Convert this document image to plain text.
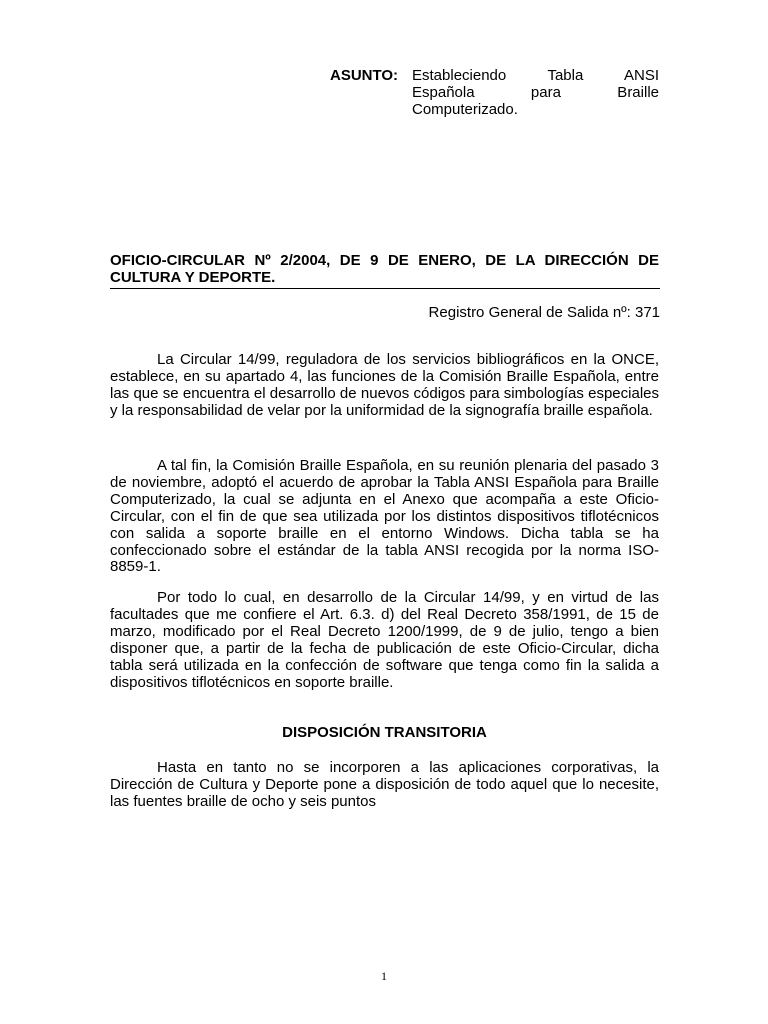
ASUNTO: Estableciendo Tabla ANSI
Española para Braille
Computerizado.
OFICIO-CIRCULAR Nº 2/2004, DE 9 DE ENERO, DE LA DIRECCIÓN DE CULTURA Y DEPORTE.
Registro General de Salida nº: 371

La Circular 14/99, reguladora de los servicios bibliográficos en la ONCE, establece, en su apartado 4, las funciones de la Comisión Braille Española, entre las que se encuentra el desarrollo de nuevos códigos para simbologías especiales y la responsabilidad de velar por la uniformidad de la signografía braille española.

A tal fin, la Comisión Braille Española, en su reunión plenaria del pasado 3 de noviembre, adoptó el acuerdo de aprobar la Tabla ANSI Española para Braille Computerizado, la cual se adjunta en el Anexo que acompaña a este Oficio-Circular, con el fin de que sea utilizada por los distintos dispositivos tiflotécnicos con salida a soporte braille en el entorno Windows. Dicha tabla se ha confeccionado sobre el estándar de la tabla ANSI recogida por la norma ISO-8859-1.

Por todo lo cual, en desarrollo de la Circular 14/99, y en virtud de las facultades que me confiere el Art. 6.3. d) del Real Decreto 358/1991, de 15 de marzo, modificado por el Real Decreto 1200/1999, de 9 de julio, tengo a bien disponer que, a partir de la fecha de publicación de este Oficio-Circular, dicha tabla será utilizada en la confección de software que tenga como fin la salida a dispositivos tiflotécnicos en soporte braille.

DISPOSICIÓN TRANSITORIA

Hasta en tanto no se incorporen a las aplicaciones corporativas, la Dirección de Cultura y Deporte pone a disposición de todo aquel que lo necesite, las fuentes braille de ocho y seis puntos

1
